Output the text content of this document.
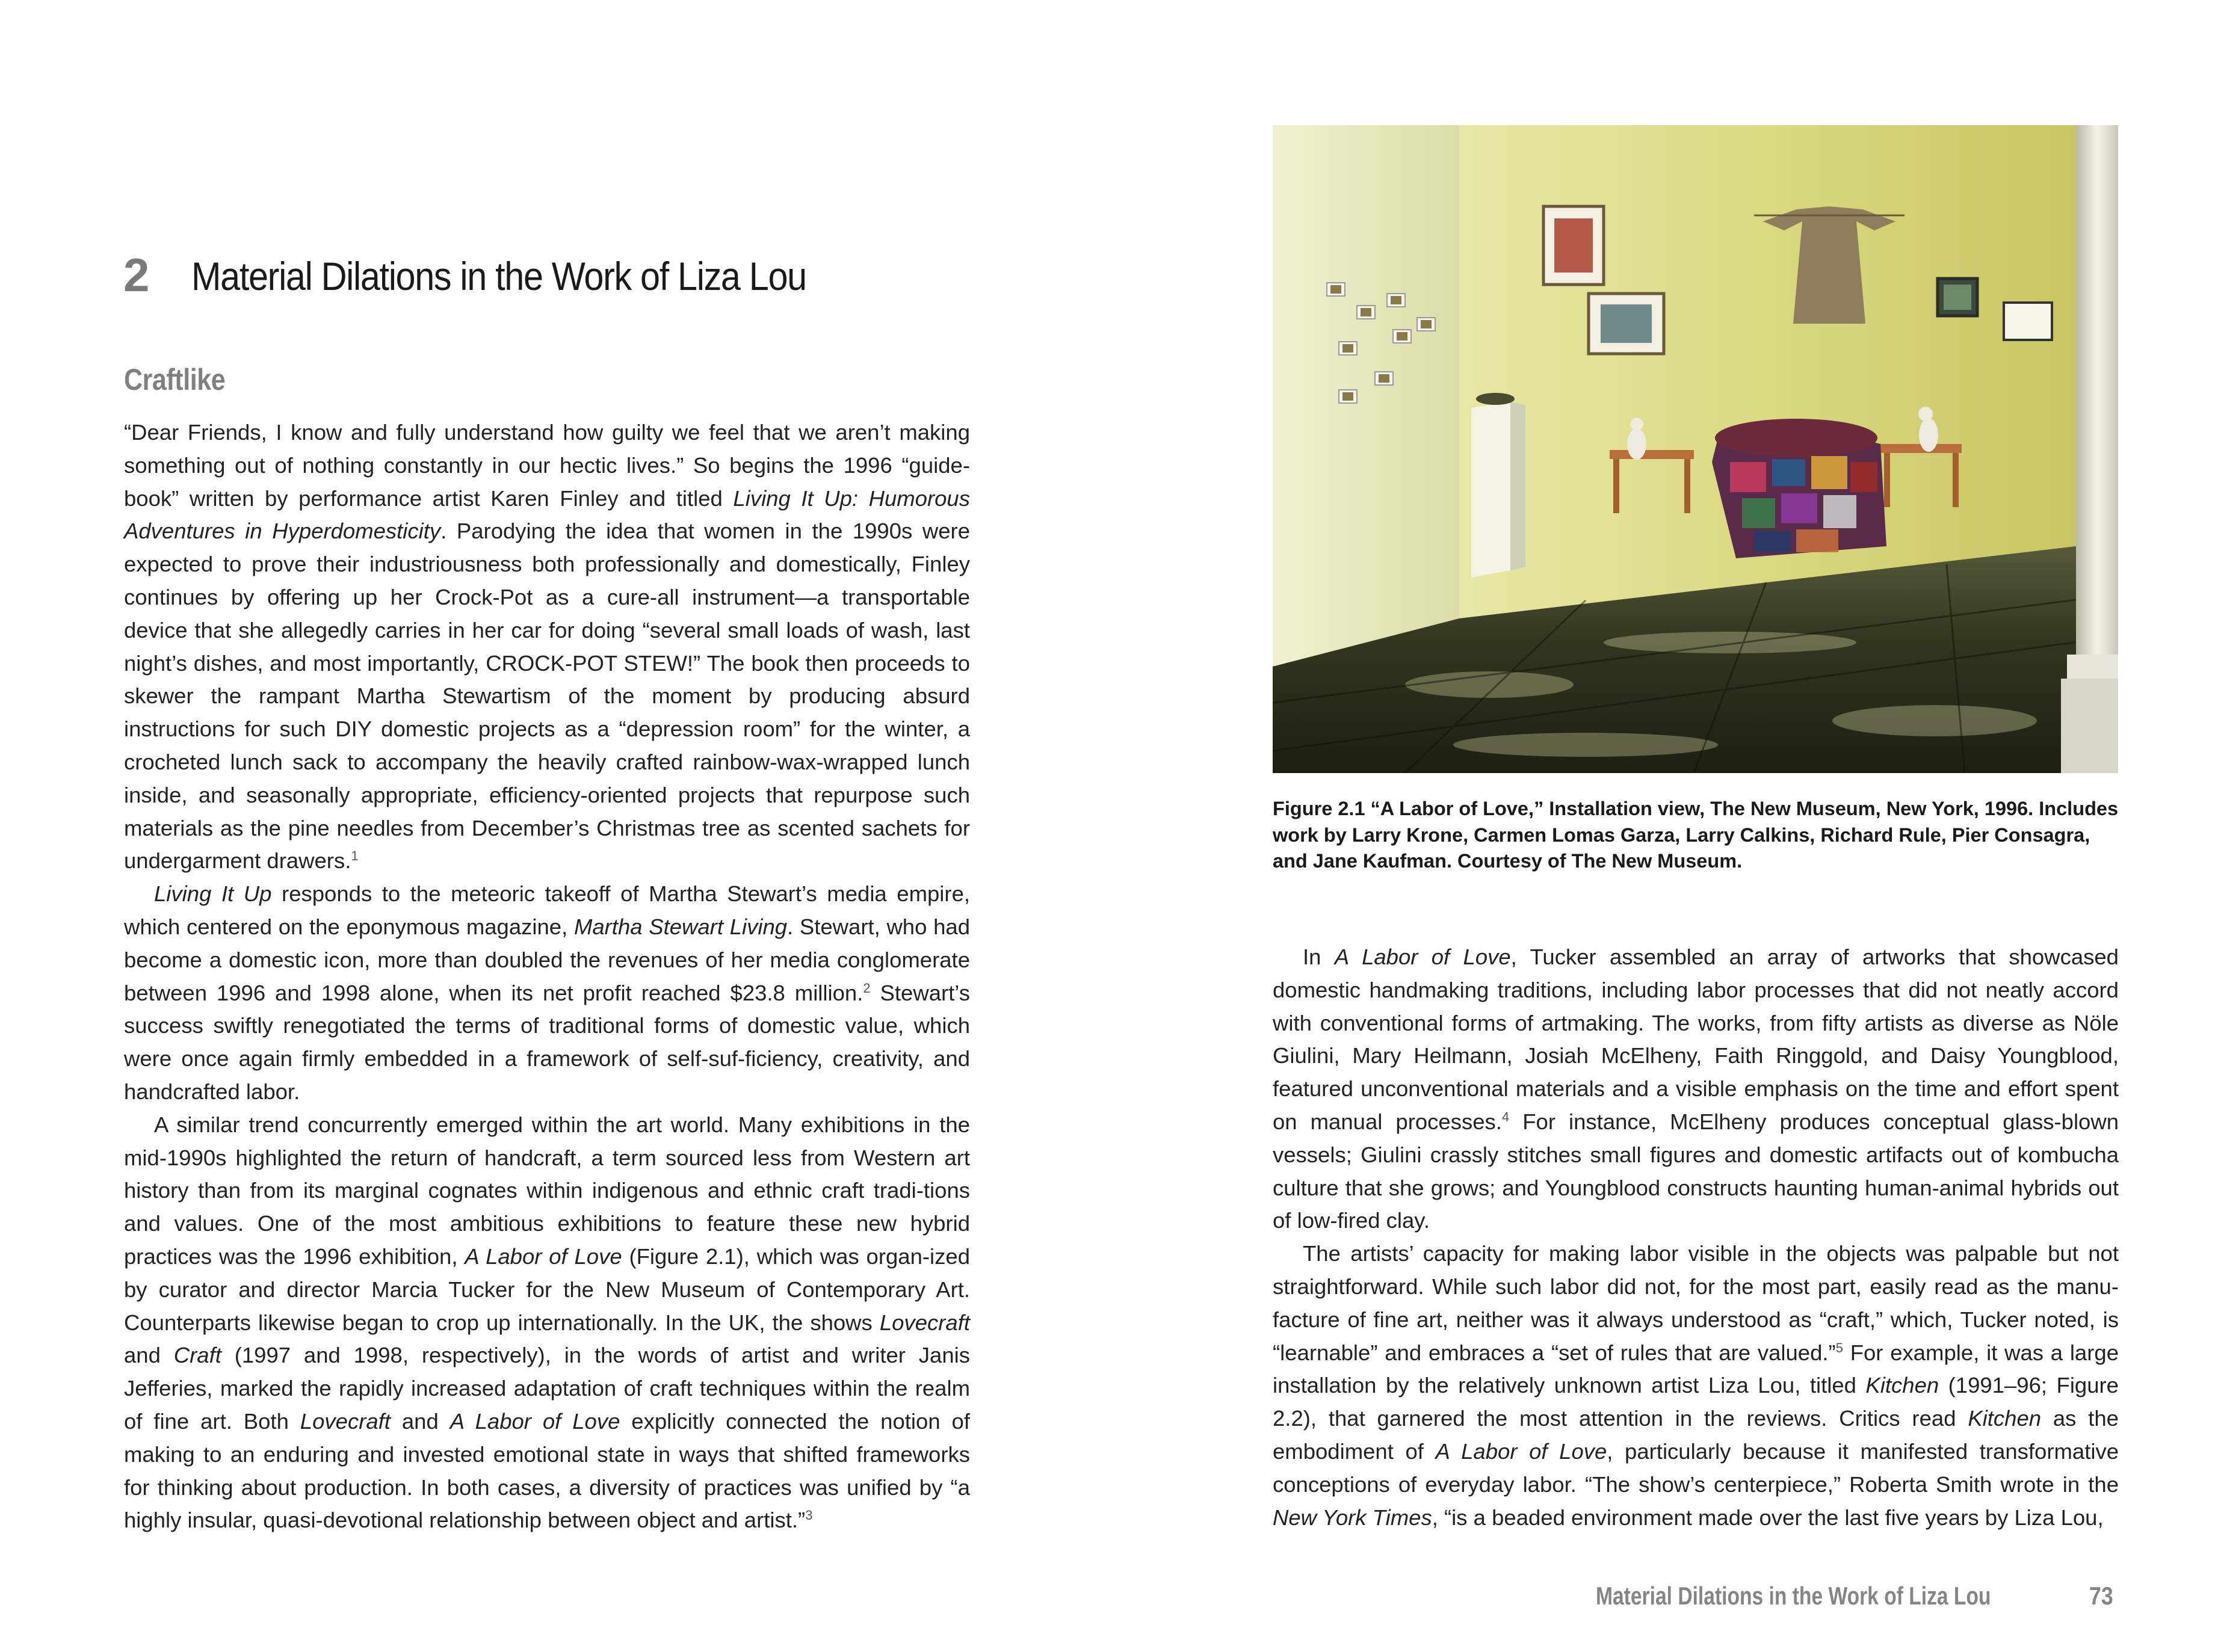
2 Material Dilations in the Work of Liza Lou
Craftlike

“Dear Friends, I know and fully understand how guilty we feel that we aren’t making something out of nothing constantly in our hectic lives.” So begins the 1996 “guide-book” written by performance artist Karen Finley and titled Living It Up: Humorous Adventures in Hyperdomesticity. Parodying the idea that women in the 1990s were expected to prove their industriousness both professionally and domestically, Finley continues by offering up her Crock-Pot as a cure-all instrument—a transportable device that she allegedly carries in her car for doing “several small loads of wash, last night’s dishes, and most importantly, CROCK-POT STEW!” The book then proceeds to skewer the rampant Martha Stewartism of the moment by producing absurd instructions for such DIY domestic projects as a “depression room” for the winter, a crocheted lunch sack to accompany the heavily crafted rainbow-wax-wrapped lunch inside, and seasonally appropriate, efficiency-oriented projects that repurpose such materials as the pine needles from December’s Christmas tree as scented sachets for undergarment drawers.$^1$

Living It Up responds to the meteoric takeoff of Martha Stewart’s media empire, which centered on the eponymous magazine, Martha Stewart Living. Stewart, who had become a domestic icon, more than doubled the revenues of her media conglomerate between 1996 and 1998 alone, when its net profit reached $23.8 million.$^2$ Stewart’s success swiftly renegotiated the terms of traditional forms of domestic value, which were once again firmly embedded in a framework of self-suf-ficiency, creativity, and handcrafted labor.

A similar trend concurrently emerged within the art world. Many exhibitions in the mid-1990s highlighted the return of handcraft, a term sourced less from Western art history than from its marginal cognates within indigenous and ethnic craft tradi-tions and values. One of the most ambitious exhibitions to feature these new hybrid practices was the 1996 exhibition, A Labor of Love (Figure 2.1), which was organ-ized by curator and director Marcia Tucker for the New Museum of Contemporary Art. Counterparts likewise began to crop up internationally. In the UK, the shows Lovecraft and Craft (1997 and 1998, respectively), in the words of artist and writer Janis Jefferies, marked the rapidly increased adaptation of craft techniques within the realm of fine art. Both Lovecraft and A Labor of Love explicitly connected the notion of making to an enduring and invested emotional state in ways that shifted frameworks for thinking about production. In both cases, a diversity of practices was unified by “a highly insular, quasi-devotional relationship between object and artist.”$^3$

Figure 2.1 “A Labor of Love,” Installation view, The New Museum, New York, 1996. Includes work by Larry Krone, Carmen Lomas Garza, Larry Calkins, Richard Rule, Pier Consagra, and Jane Kaufman. Courtesy of The New Museum.

In A Labor of Love, Tucker assembled an array of artworks that showcased domestic handmaking traditions, including labor processes that did not neatly accord with conventional forms of artmaking. The works, from fifty artists as diverse as Nöle Giulini, Mary Heilmann, Josiah McElheny, Faith Ringgold, and Daisy Youngblood, featured unconventional materials and a visible emphasis on the time and effort spent on manual processes.$^4$ For instance, McElheny produces conceptual glass-blown vessels; Giulini crassly stitches small figures and domestic artifacts out of kombucha culture that she grows; and Youngblood constructs haunting human-animal hybrids out of low-fired clay.

The artists’ capacity for making labor visible in the objects was palpable but not straightforward. While such labor did not, for the most part, easily read as the manu-facture of fine art, neither was it always understood as “craft,” which, Tucker noted, is “learnable” and embraces a “set of rules that are valued.”$^5$ For example, it was a large installation by the relatively unknown artist Liza Lou, titled Kitchen (1991–96; Figure 2.2), that garnered the most attention in the reviews. Critics read Kitchen as the embodiment of A Labor of Love, particularly because it manifested transformative conceptions of everyday labor. “The show’s centerpiece,” Roberta Smith wrote in the New York Times, “is a beaded environment made over the last five years by Liza Lou,

Material Dilations in the Work of Liza Lou	73
